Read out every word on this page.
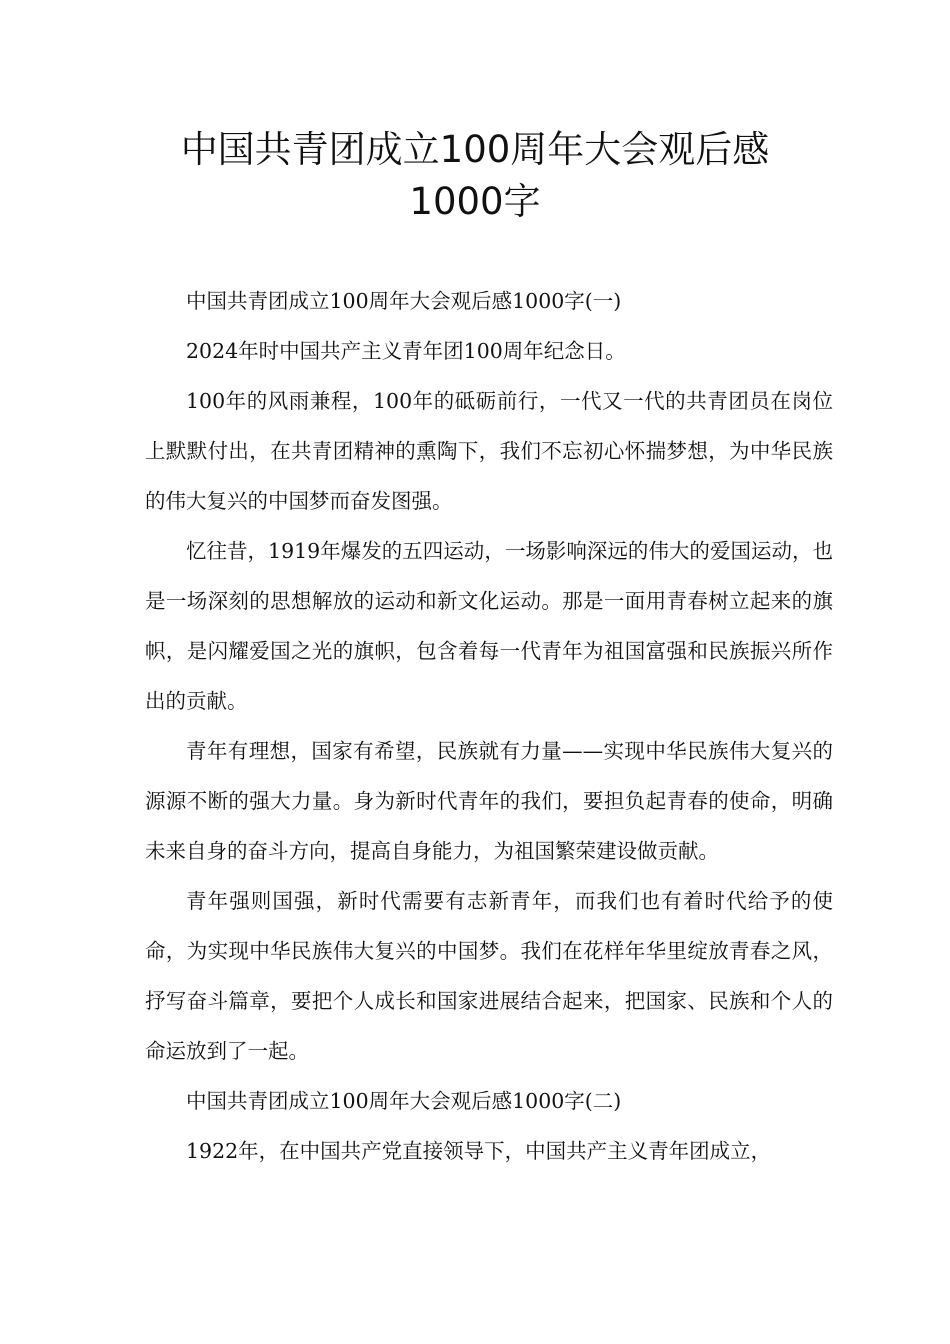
中国共青团成立100周年大会观后感
1000字

中国共青团成立100周年大会观后感1000字(一)

2024年时中国共产主义青年团100周年纪念日。

100年的风雨兼程，100年的砥砺前行，一代又一代的共青团员在岗位上默默付出，在共青团精神的熏陶下，我们不忘初心怀揣梦想，为中华民族的伟大复兴的中国梦而奋发图强。

忆往昔，1919年爆发的五四运动，一场影响深远的伟大的爱国运动，也是一场深刻的思想解放的运动和新文化运动。那是一面用青春树立起来的旗帜，是闪耀爱国之光的旗帜，包含着每一代青年为祖国富强和民族振兴所作出的贡献。

青年有理想，国家有希望，民族就有力量——实现中华民族伟大复兴的源源不断的强大力量。身为新时代青年的我们，要担负起青春的使命，明确未来自身的奋斗方向，提高自身能力，为祖国繁荣建设做贡献。

青年强则国强，新时代需要有志新青年，而我们也有着时代给予的使命，为实现中华民族伟大复兴的中国梦。我们在花样年华里绽放青春之风，抒写奋斗篇章，要把个人成长和国家进展结合起来，把国家、民族和个人的命运放到了一起。

中国共青团成立100周年大会观后感1000字(二)

1922年，在中国共产党直接领导下，中国共产主义青年团成立，
